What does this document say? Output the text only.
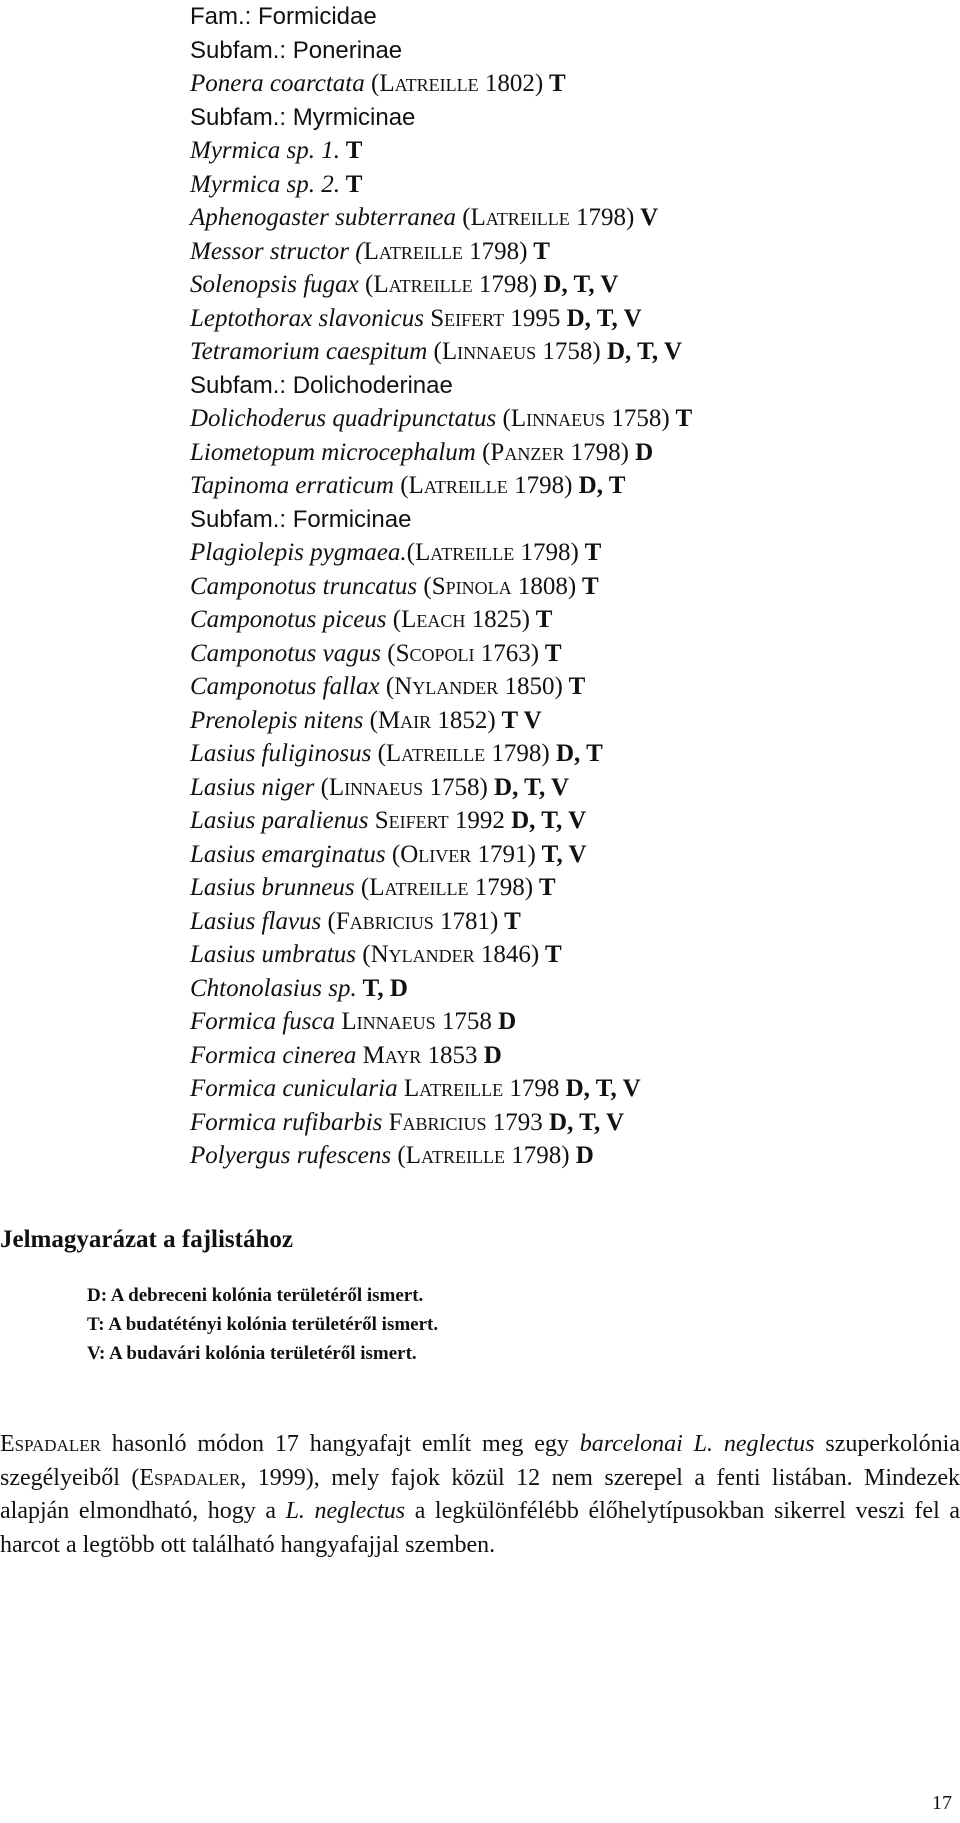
Fam.: Formicidae
Subfam.: Ponerinae
Ponera coarctata (Latreille 1802) T
Subfam.: Myrmicinae
Myrmica sp. 1. T
Myrmica sp. 2. T
Aphenogaster subterranea (Latreille 1798) V
Messor structor (Latreille 1798) T
Solenopsis fugax (Latreille 1798) D, T, V
Leptothorax slavonicus Seifert 1995 D, T, V
Tetramorium caespitum (Linnaeus 1758) D, T, V
Subfam.: Dolichoderinae
Dolichoderus quadripunctatus (Linnaeus 1758) T
Liometopum microcephalum (Panzer 1798) D
Tapinoma erraticum (Latreille 1798) D, T
Subfam.: Formicinae
Plagiolepis pygmaea.(Latreille 1798) T
Camponotus truncatus (Spinola 1808) T
Camponotus piceus (Leach 1825) T
Camponotus vagus (Scopoli 1763) T
Camponotus fallax (Nylander 1850) T
Prenolepis nitens (Mair 1852) T V
Lasius fuliginosus (Latreille 1798) D, T
Lasius niger (Linnaeus 1758) D, T, V
Lasius paralienus Seifert 1992 D, T, V
Lasius emarginatus (Oliver 1791) T, V
Lasius brunneus (Latreille 1798) T
Lasius flavus (Fabricius 1781) T
Lasius umbratus (Nylander 1846) T
Chtonolasius sp. T, D
Formica fusca Linnaeus 1758 D
Formica cinerea Mayr 1853 D
Formica cunicularia Latreille 1798 D, T, V
Formica rufibarbis Fabricius 1793 D, T, V
Polyergus rufescens (Latreille 1798) D
Jelmagyarázat a fajlistához
D: A debreceni kolónia területéről ismert.
T: A budatétényi kolónia területéről ismert.
V: A budavári kolónia területéről ismert.
Espadaler hasonló módon 17 hangyafajt említ meg egy barcelonai L. neglectus szuperkolónia szegélyeiből (Espadaler, 1999), mely fajok közül 12 nem szerepel a fenti listában. Mindezek alapján elmondható, hogy a L. neglectus a legkülönfélébb élőhelytípusokban sikerrel veszi fel a harcot a legtöbb ott található hangyafajjal szemben.
17
